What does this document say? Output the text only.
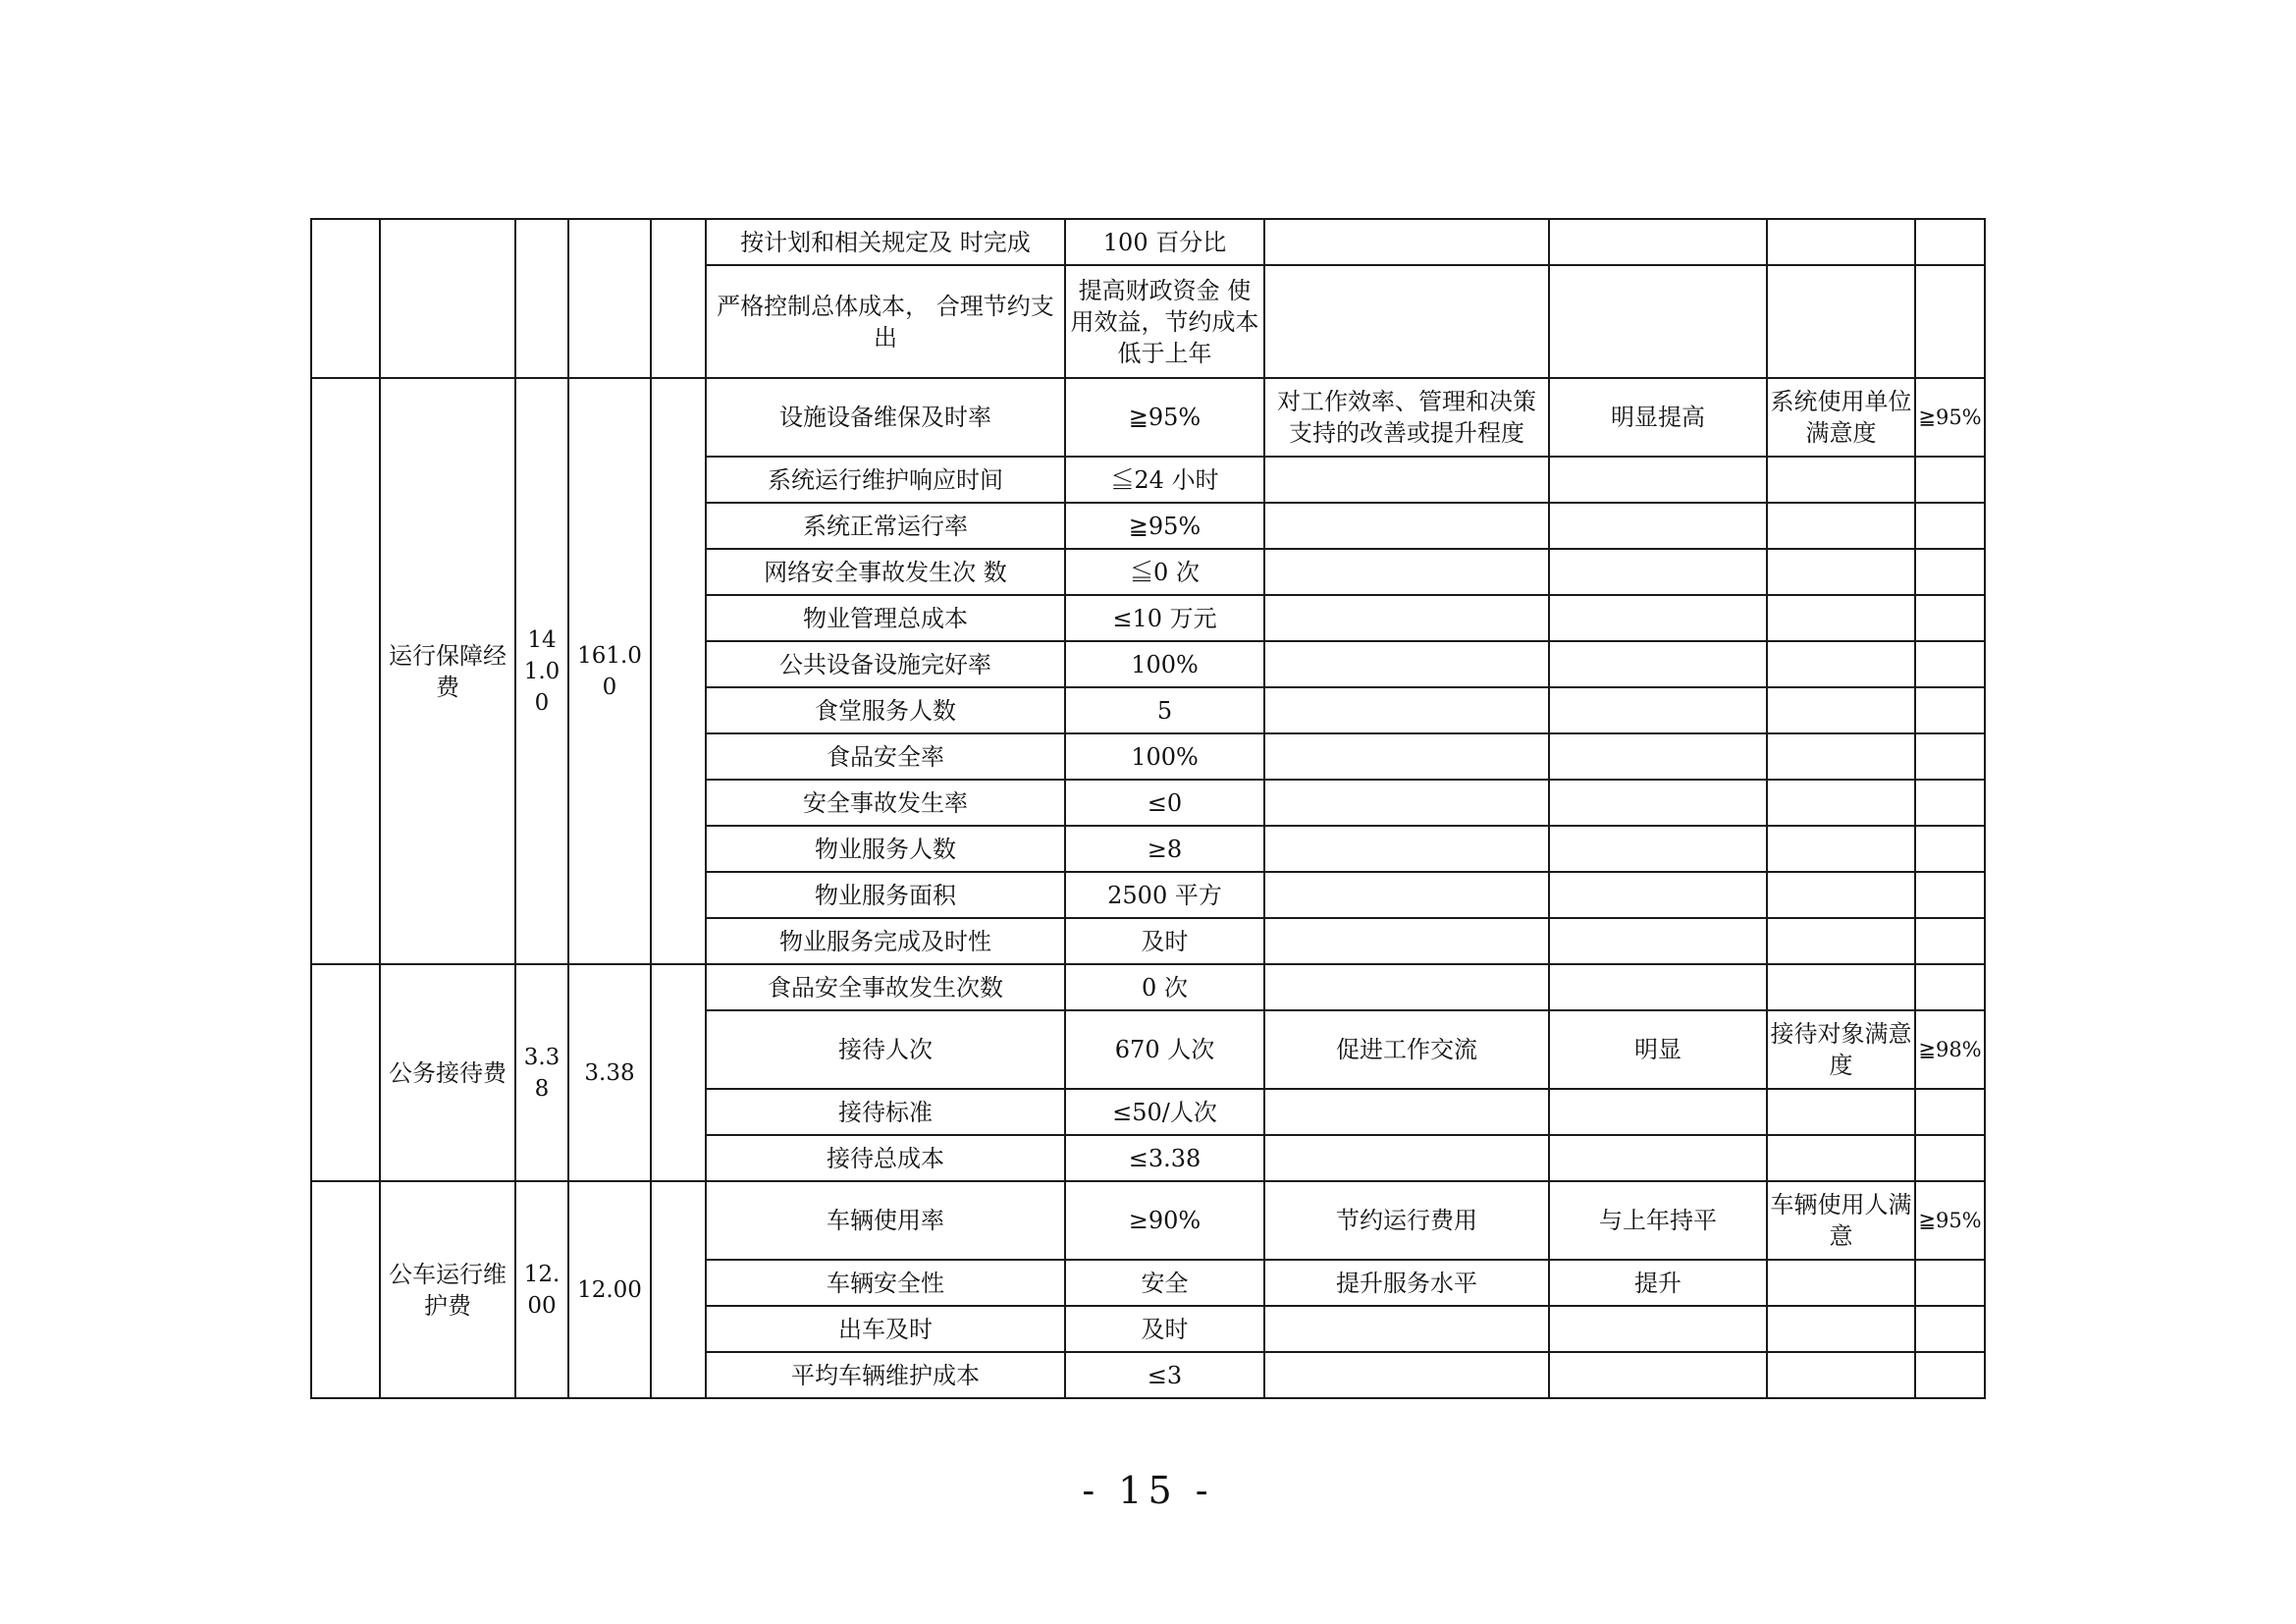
					按计划和相关规定及 时完成	100 百分比				
					严格控制总体成本， 合理节约支出	提高财政资金 使用效益，节约成本低于上年				
	运行保障经费	141.00	161.00		设施设备维保及时率	≧95%	对工作效率、管理和决策支持的改善或提升程度	明显提高	系统使用单位满意度	≧95%
					系统运行维护响应时间	≦24 小时				
					系统正常运行率	≧95%				
					网络安全事故发生次 数	≦0 次				
					物业管理总成本	≤10 万元				
					公共设备设施完好率	100%				
					食堂服务人数	5				
					食品安全率	100%				
					安全事故发生率	≤0				
					物业服务人数	≥8				
					物业服务面积	2500 平方				
					物业服务完成及时性	及时				
	公务接待费	3.38	3.38		食品安全事故发生次数	0 次				
					接待人次	670 人次	促进工作交流	明显	接待对象满意度	≧98%
					接待标准	≤50/人次				
					接待总成本	≤3.38				
	公车运行维护费	12.00	12.00		车辆使用率	≥90%	节约运行费用	与上年持平	车辆使用人满意	≧95%
					车辆安全性	安全	提升服务水平	提升		
					出车及时	及时				
					平均车辆维护成本	≤3				
- 15 -
